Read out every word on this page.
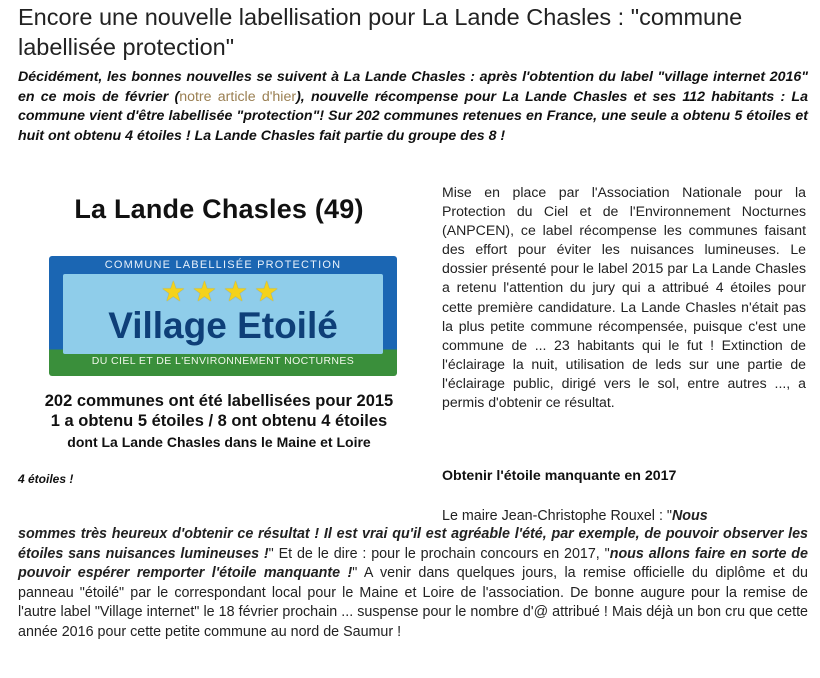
Encore une nouvelle labellisation pour La Lande Chasles : "commune labellisée protection"
Décidément, les bonnes nouvelles se suivent à La Lande Chasles : après l'obtention du label "village internet 2016" en ce mois de février (notre article d'hier), nouvelle récompense pour La Lande Chasles et ses 112 habitants : La commune vient d'être labellisée "protection"! Sur 202 communes retenues en France, une seule a obtenu 5 étoiles et huit ont obtenu 4 étoiles ! La Lande Chasles fait partie du groupe des 8 !
La Lande Chasles (49)
COMMUNE LABELLISÉE PROTECTION
★★★★
Village Etoilé
DU CIEL ET DE L'ENVIRONNEMENT NOCTURNES
202 communes ont été labellisées pour 2015
1 a obtenu 5 étoiles / 8 ont obtenu 4 étoiles
dont La Lande Chasles dans le Maine et Loire
4 étoiles !
Mise en place par l'Association Nationale pour la Protection du Ciel et de l'Environnement Nocturnes (ANPCEN), ce label récompense les communes faisant des effort pour éviter les nuisances lumineuses. Le dossier présenté pour le label 2015 par La Lande Chasles a retenu l'attention du jury qui a attribué 4 étoiles pour cette première candidature. La Lande Chasles n'était pas la plus petite commune récompensée, puisque c'est une commune de ... 23 habitants qui le fut ! Extinction de l'éclairage la nuit, utilisation de leds sur une partie de l'éclairage public, dirigé vers le sol, entre autres ..., a permis d'obtenir ce résultat.
Obtenir l'étoile manquante en 2017
Le maire Jean-Christophe Rouxel : "Nous
sommes très heureux d'obtenir ce résultat ! Il est vrai qu'il est agréable l'été, par exemple, de pouvoir observer les étoiles sans nuisances lumineuses !" Et de le dire : pour le prochain concours en 2017, "nous allons faire en sorte de pouvoir espérer remporter l'étoile manquante !" A venir dans quelques jours, la remise officielle du diplôme et du panneau "étoilé" par le correspondant local pour le Maine et Loire de l'association. De bonne augure pour la remise de l'autre label "Village internet" le 18 février prochain ... suspense pour le nombre d'@ attribué ! Mais déjà un bon cru que cette année 2016 pour cette petite commune au nord de Saumur !
